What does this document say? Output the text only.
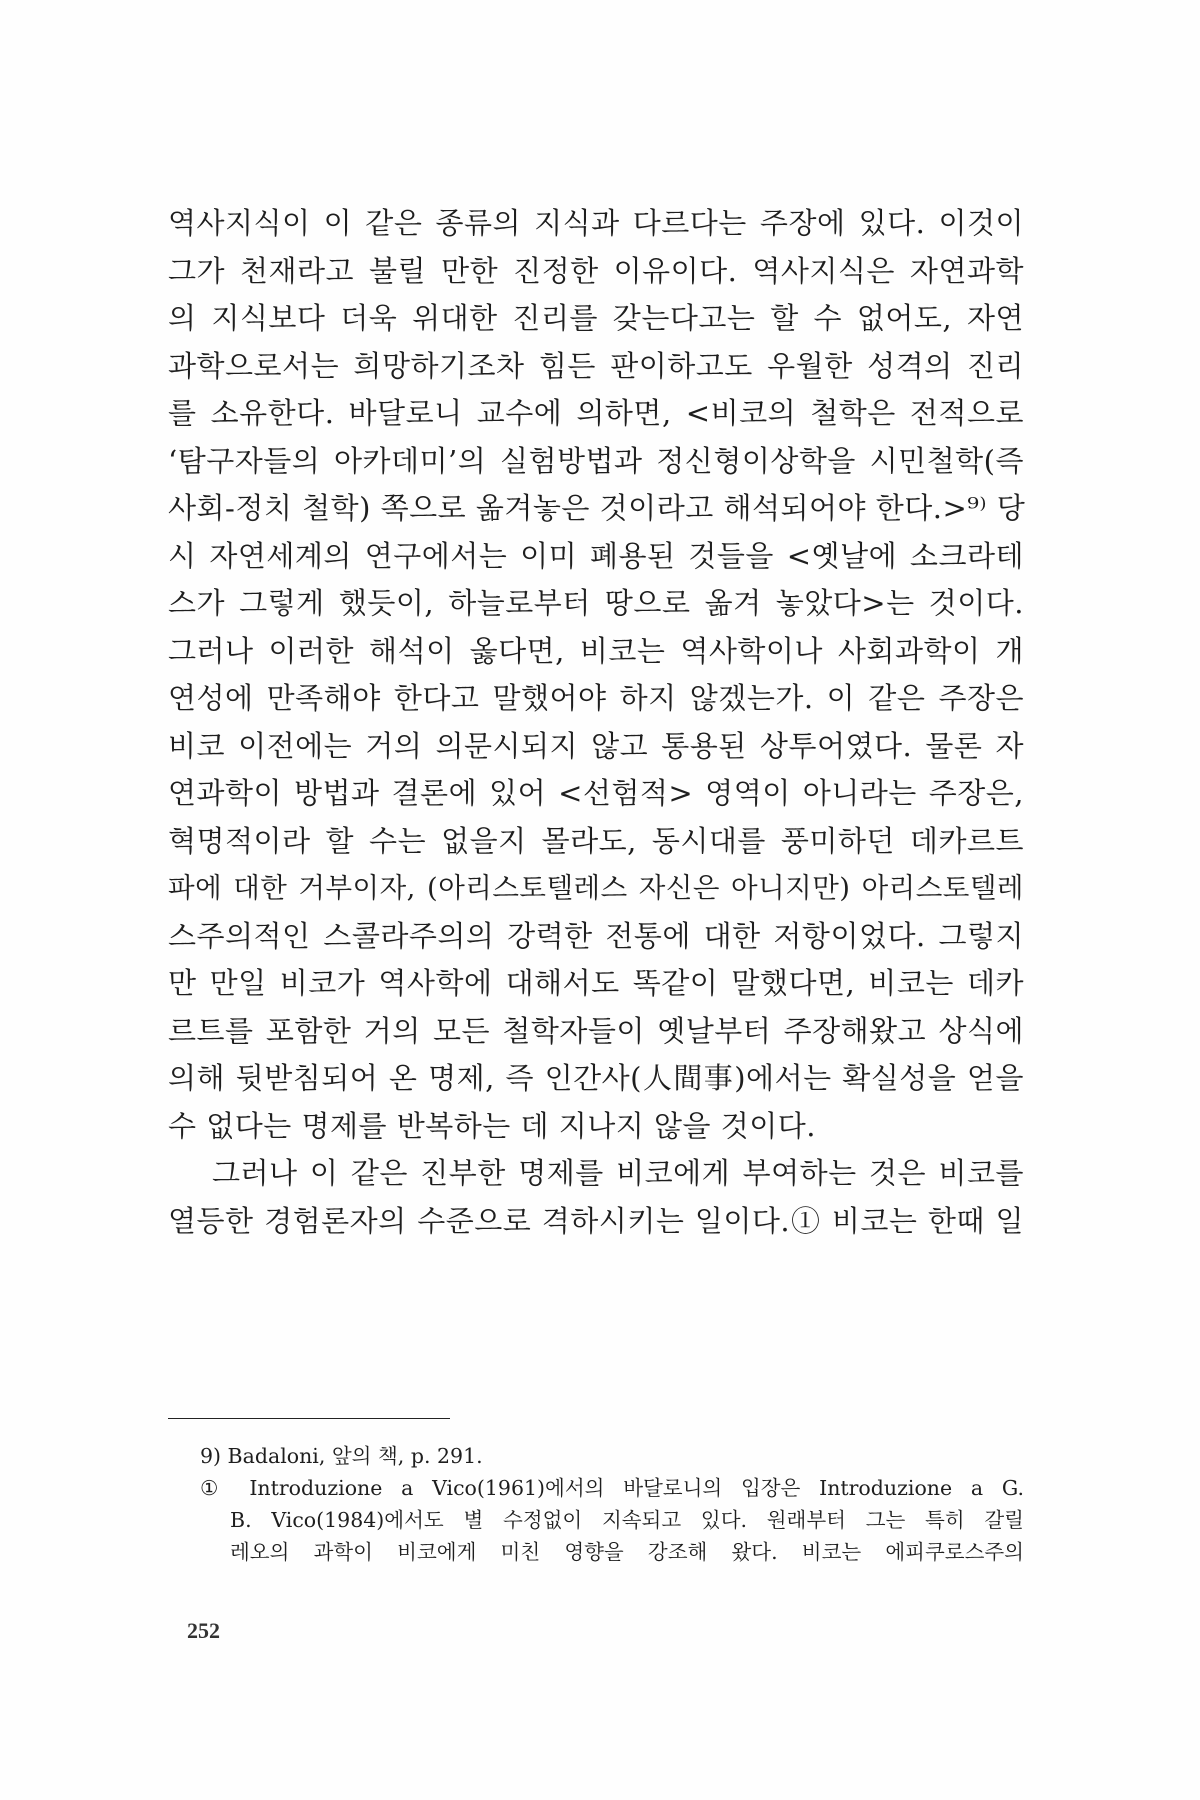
역사지식이 이 같은 종류의 지식과 다르다는 주장에 있다. 이것이
그가 천재라고 불릴 만한 진정한 이유이다. 역사지식은 자연과학
의 지식보다 더욱 위대한 진리를 갖는다고는 할 수 없어도, 자연
과학으로서는 희망하기조차 힘든 판이하고도 우월한 성격의 진리
를 소유한다. 바달로니 교수에 의하면, <비코의 철학은 전적으로
‘탐구자들의 아카데미’의 실험방법과 정신형이상학을 시민철학(즉
사회-정치 철학) 쪽으로 옮겨놓은 것이라고 해석되어야 한다.>⁹⁾ 당
시 자연세계의 연구에서는 이미 폐용된 것들을 <옛날에 소크라테
스가 그렇게 했듯이, 하늘로부터 땅으로 옮겨 놓았다>는 것이다.
그러나 이러한 해석이 옳다면, 비코는 역사학이나 사회과학이 개
연성에 만족해야 한다고 말했어야 하지 않겠는가. 이 같은 주장은
비코 이전에는 거의 의문시되지 않고 통용된 상투어였다. 물론 자
연과학이 방법과 결론에 있어 <선험적> 영역이 아니라는 주장은,
혁명적이라 할 수는 없을지 몰라도, 동시대를 풍미하던 데카르트
파에 대한 거부이자, (아리스토텔레스 자신은 아니지만) 아리스토텔레
스주의적인 스콜라주의의 강력한 전통에 대한 저항이었다. 그렇지
만 만일 비코가 역사학에 대해서도 똑같이 말했다면, 비코는 데카
르트를 포함한 거의 모든 철학자들이 옛날부터 주장해왔고 상식에
의해 뒷받침되어 온 명제, 즉 인간사(人間事)에서는 확실성을 얻을
수 없다는 명제를 반복하는 데 지나지 않을 것이다.
그러나 이 같은 진부한 명제를 비코에게 부여하는 것은 비코를
열등한 경험론자의 수준으로 격하시키는 일이다.① 비코는 한때 일
9) Badaloni, 앞의 책, p. 291.
① Introduzione a Vico(1961)에서의 바달로니의 입장은 Introduzione a G.
B. Vico(1984)에서도 별 수정없이 지속되고 있다. 원래부터 그는 특히 갈릴
레오의 과학이 비코에게 미친 영향을 강조해 왔다. 비코는 에피쿠로스주의
252
